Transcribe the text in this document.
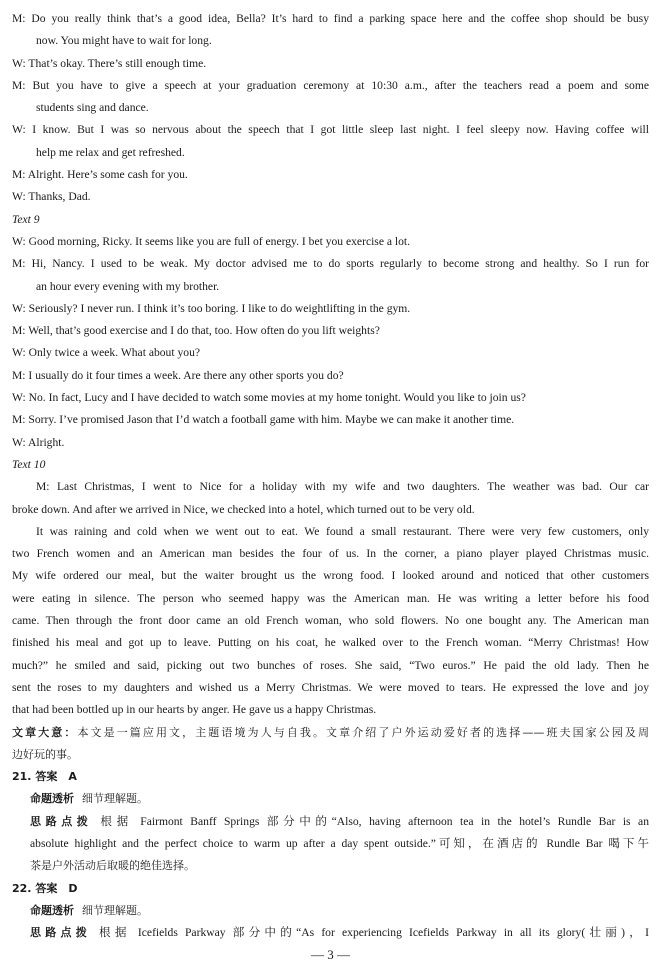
M: Do you really think that’s a good idea, Bella? It’s hard to find a parking space here and the coffee shop should be busy
now. You might have to wait for long.
W: That’s okay. There’s still enough time.
M: But you have to give a speech at your graduation ceremony at 10:30 a.m., after the teachers read a poem and some
students sing and dance.
W: I know. But I was so nervous about the speech that I got little sleep last night. I feel sleepy now. Having coffee will
help me relax and get refreshed.
M: Alright. Here’s some cash for you.
W: Thanks, Dad.
Text 9
W: Good morning, Ricky. It seems like you are full of energy. I bet you exercise a lot.
M: Hi, Nancy. I used to be weak. My doctor advised me to do sports regularly to become strong and healthy. So I run for
an hour every evening with my brother.
W: Seriously? I never run. I think it’s too boring. I like to do weightlifting in the gym.
M: Well, that’s good exercise and I do that, too. How often do you lift weights?
W: Only twice a week. What about you?
M: I usually do it four times a week. Are there any other sports you do?
W: No. In fact, Lucy and I have decided to watch some movies at my home tonight. Would you like to join us?
M: Sorry. I’ve promised Jason that I’d watch a football game with him. Maybe we can make it another time.
W: Alright.
Text 10
M: Last Christmas, I went to Nice for a holiday with my wife and two daughters. The weather was bad. Our car
broke down. And after we arrived in Nice, we checked into a hotel, which turned out to be very old.
It was raining and cold when we went out to eat. We found a small restaurant. There were very few customers, only
two French women and an American man besides the four of us. In the corner, a piano player played Christmas music.
My wife ordered our meal, but the waiter brought us the wrong food. I looked around and noticed that other customers
were eating in silence. The person who seemed happy was the American man. He was writing a letter before his food
came. Then through the front door came an old French woman, who sold flowers. No one bought any. The American man
finished his meal and got up to leave. Putting on his coat, he walked over to the French woman. “Merry Christmas! How
much?” he smiled and said, picking out two bunches of roses. She said, “Two euros.” He paid the old lady. Then he
sent the roses to my daughters and wished us a Merry Christmas. We were moved to tears. He expressed the love and joy
that had been bottled up in our hearts by anger. He gave us a happy Christmas.
文章大意：本文是一篇应用文，主题语境为人与自我。文章介绍了户外运动爱好者的选择——班夫国家公园及周
边好玩的事。
21. 答案　A
命题透析 细节理解题。
思路点拨 根据 Fairmont Banff Springs 部分中的“Also, having afternoon tea in the hotel’s Rundle Bar is an
absolute highlight and the perfect choice to warm up after a day spent outside.”可知，在酒店的 Rundle Bar 喝下午
茶是户外活动后取暖的绝佳选择。
22. 答案　D
命题透析 细节理解题。
思路点拨 根据 Icefields Parkway 部分中的“As for experiencing Icefields Parkway in all its glory(壮丽)，I
— 3 —
